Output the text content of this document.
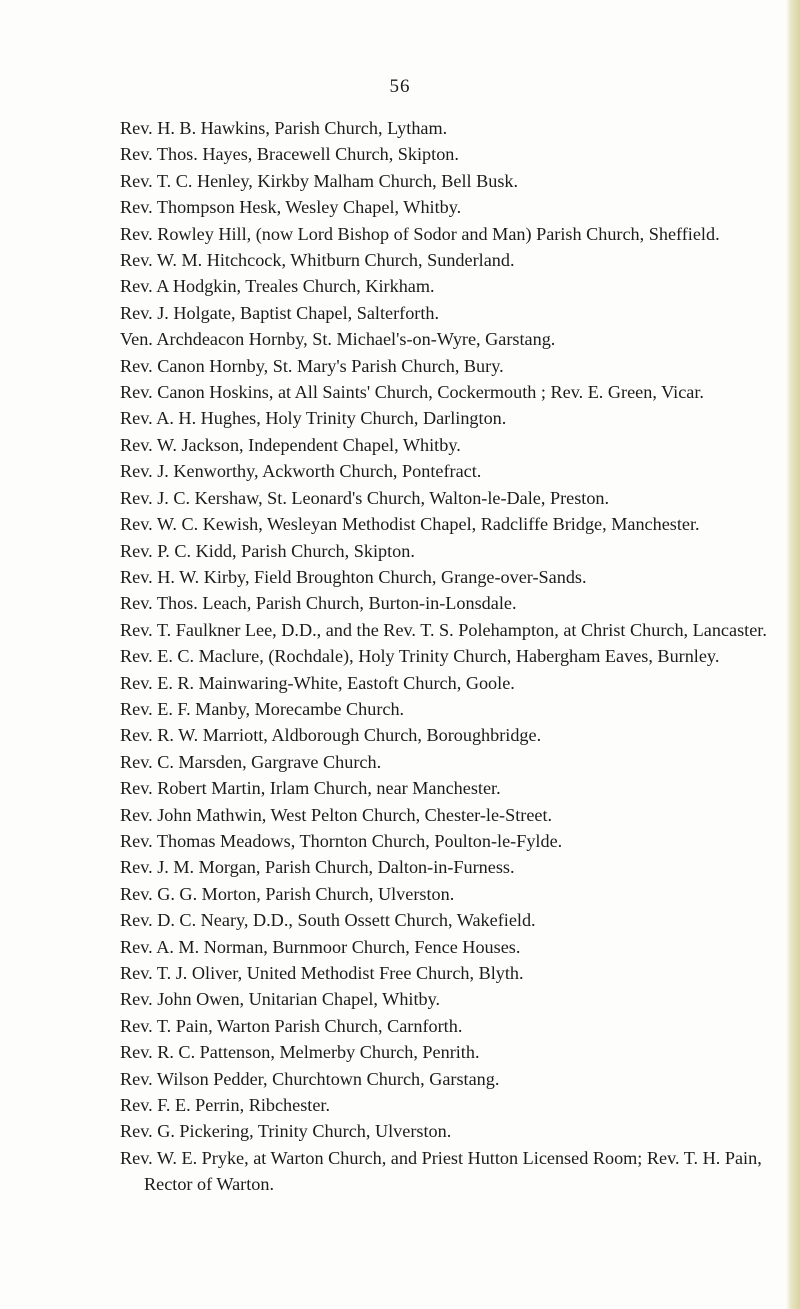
56
Rev. H. B. Hawkins, Parish Church, Lytham.
Rev. Thos. Hayes, Bracewell Church, Skipton.
Rev. T. C. Henley, Kirkby Malham Church, Bell Busk.
Rev. Thompson Hesk, Wesley Chapel, Whitby.
Rev. Rowley Hill, (now Lord Bishop of Sodor and Man) Parish Church, Sheffield.
Rev. W. M. Hitchcock, Whitburn Church, Sunderland.
Rev. A Hodgkin, Treales Church, Kirkham.
Rev. J. Holgate, Baptist Chapel, Salterforth.
Ven. Archdeacon Hornby, St. Michael's-on-Wyre, Garstang.
Rev. Canon Hornby, St. Mary's Parish Church, Bury.
Rev. Canon Hoskins, at All Saints' Church, Cockermouth ; Rev. E. Green, Vicar.
Rev. A. H. Hughes, Holy Trinity Church, Darlington.
Rev. W. Jackson, Independent Chapel, Whitby.
Rev. J. Kenworthy, Ackworth Church, Pontefract.
Rev. J. C. Kershaw, St. Leonard's Church, Walton-le-Dale, Preston.
Rev. W. C. Kewish, Wesleyan Methodist Chapel, Radcliffe Bridge, Manchester.
Rev. P. C. Kidd, Parish Church, Skipton.
Rev. H. W. Kirby, Field Broughton Church, Grange-over-Sands.
Rev. Thos. Leach, Parish Church, Burton-in-Lonsdale.
Rev. T. Faulkner Lee, D.D., and the Rev. T. S. Polehampton, at Christ Church, Lancaster.
Rev. E. C. Maclure, (Rochdale), Holy Trinity Church, Habergham Eaves, Burnley.
Rev. E. R. Mainwaring-White, Eastoft Church, Goole.
Rev. E. F. Manby, Morecambe Church.
Rev. R. W. Marriott, Aldborough Church, Boroughbridge.
Rev. C. Marsden, Gargrave Church.
Rev. Robert Martin, Irlam Church, near Manchester.
Rev. John Mathwin, West Pelton Church, Chester-le-Street.
Rev. Thomas Meadows, Thornton Church, Poulton-le-Fylde.
Rev. J. M. Morgan, Parish Church, Dalton-in-Furness.
Rev. G. G. Morton, Parish Church, Ulverston.
Rev. D. C. Neary, D.D., South Ossett Church, Wakefield.
Rev. A. M. Norman, Burnmoor Church, Fence Houses.
Rev. T. J. Oliver, United Methodist Free Church, Blyth.
Rev. John Owen, Unitarian Chapel, Whitby.
Rev. T. Pain, Warton Parish Church, Carnforth.
Rev. R. C. Pattenson, Melmerby Church, Penrith.
Rev. Wilson Pedder, Churchtown Church, Garstang.
Rev. F. E. Perrin, Ribchester.
Rev. G. Pickering, Trinity Church, Ulverston.
Rev. W. E. Pryke, at Warton Church, and Priest Hutton Licensed Room; Rev. T. H. Pain, Rector of Warton.
